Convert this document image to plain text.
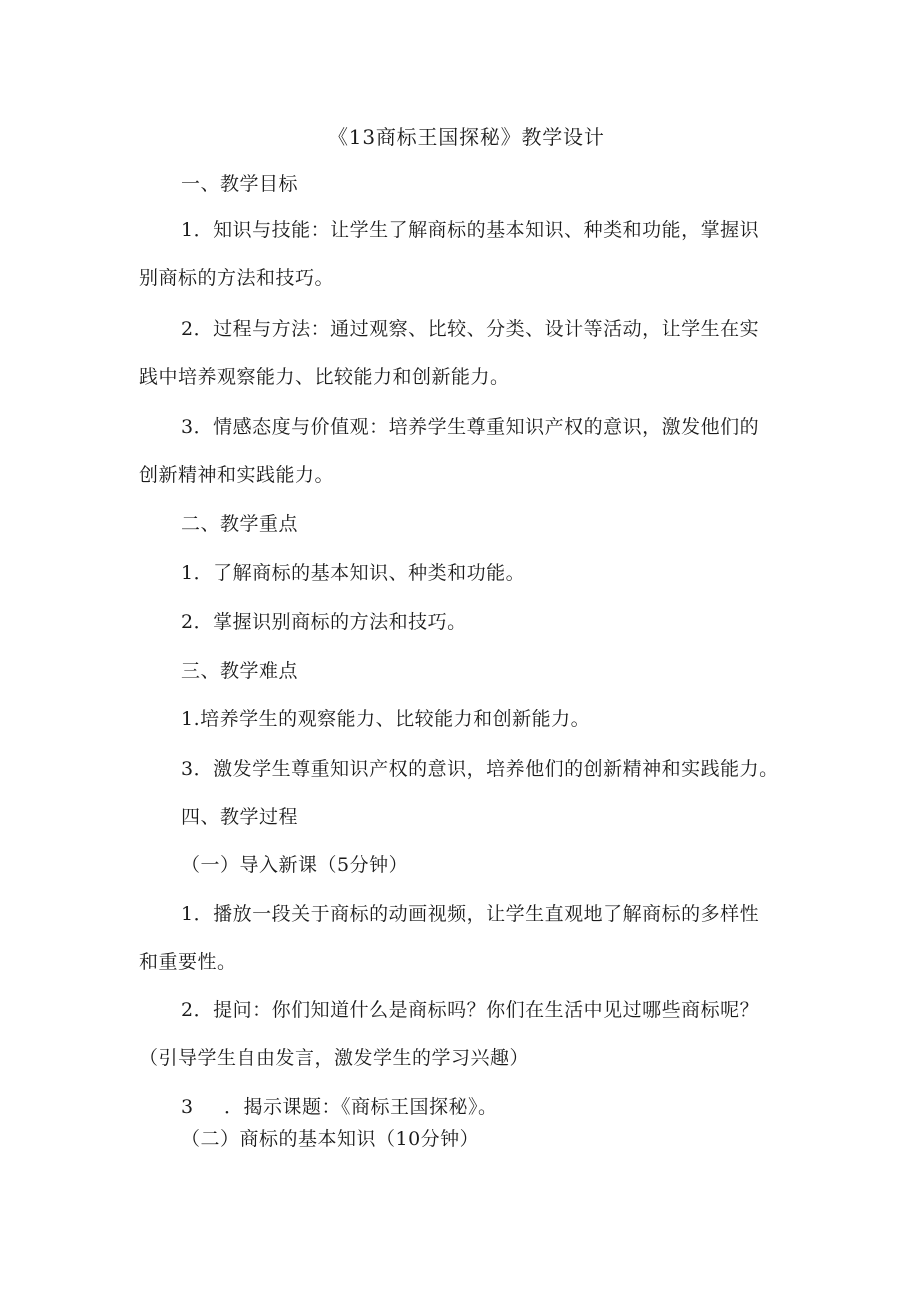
《13商标王国探秘》教学设计
一、教学目标
1．知识与技能：让学生了解商标的基本知识、种类和功能，掌握识
别商标的方法和技巧。
2．过程与方法：通过观察、比较、分类、设计等活动，让学生在实
践中培养观察能力、比较能力和创新能力。
3．情感态度与价值观：培养学生尊重知识产权的意识，激发他们的
创新精神和实践能力。
二、教学重点
1．了解商标的基本知识、种类和功能。
2．掌握识别商标的方法和技巧。
三、教学难点
1.培养学生的观察能力、比较能力和创新能力。
3．激发学生尊重知识产权的意识，培养他们的创新精神和实践能力。
四、教学过程
（一）导入新课（5分钟）
1．播放一段关于商标的动画视频，让学生直观地了解商标的多样性
和重要性。
2．提问：你们知道什么是商标吗？你们在生活中见过哪些商标呢？
（引导学生自由发言，激发学生的学习兴趣）
3 ．揭示课题：《商标王国探秘》。
（二）商标的基本知识（10分钟）
